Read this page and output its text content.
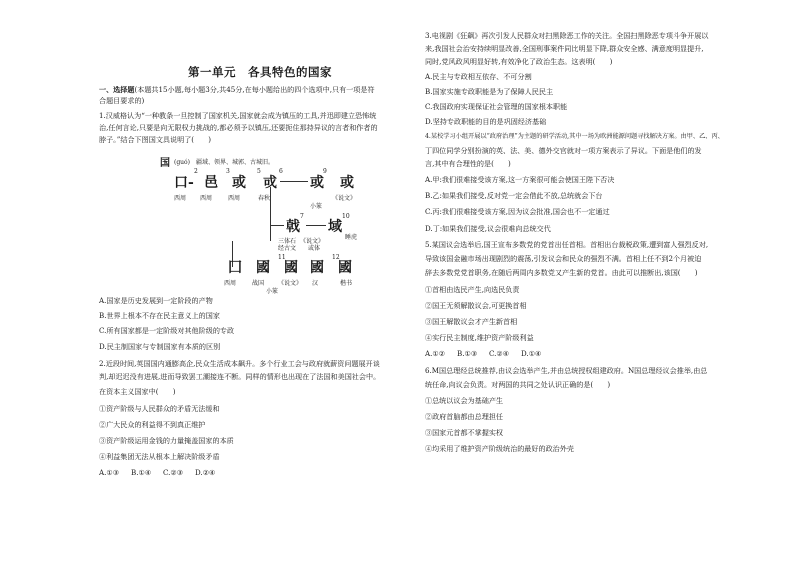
第一单元　各具特色的国家
一、选择题(本题共15小题,每小题3分,共45分,在每小题给出的四个选项中,只有一项是符
合题目要求的)
1.汉威格认为“一种教条一旦控制了国家机关,国家就会成为镇压的工具,并迅即建立恐怖统
治,任何言论,只要是向无限权力挑战的,都必须予以镇压,还要扼住那持异议的言者和作者的
脖子。”结合下图国文具说明了(　　)
A.国家是历史发展到一定阶段的产物
B.世界上根本不存在民主意义上的国家
C.所有国家都是一定阶级对其他阶级的专政
D.民主制国家与专制国家有本质的区别
2.近段时间,英国国内通膨高企,民众生活成本飙升。多个行业工会与政府就薪资问题展开谈
判,却迟迟没有进展,进而导致罢工潮接连不断。同样的情形也出现在了法国和美国社会中。
在资本主义国家中(　　)
①资产阶级与人民群众的矛盾无法缓和
②广大民众的利益得不到真正维护
③资产阶级运用金钱的力量掩盖国家的本质
④利益集团无法从根本上解决阶级矛盾
A.①③ B.①④ C.②③ D.②④
国 (guó)　疆域、领界、城郭、古城旧。
口- 邑 或 戓 或 或
2	3	5	6	9
西周 西周	西周	春秋	《说文》
小篆
戟 域
7	10
三体石 《说文》
睡虎
经古文 或体
囗 國 國 國 國
11	12
西周	战国 《说文》 汉	楷书
小篆
3.电视剧《狂飙》再次引发人民群众对扫黑除恶工作的关注。全国扫黑除恶专项斗争开展以
来,我国社会治安持续明显改善,全国刑事案件同比明显下降,群众安全感、满意度明显提升,
同时,党风政风明显好转,有效净化了政治生态。这表明(　　)
A.民主与专政相互依存、不可分割
B.国家实施专政职能是为了保障人民民主
C.我国政府实现保证社会管理的国家根本职能
D.坚持专政职能的目的是巩固经济基础
4.某校学习小组开展以“政府治理”为主题的研学活动,其中一场为欧洲能源问题寻找解决方案。由甲、乙、丙、
丁四位同学分别扮演的英、法、美、德外交官就对一项方案表示了异议。下面是他们的发
言,其中有合理性的是(　　)
A.甲:我们很难接受该方案,这一方案很可能会使国王陛下否决
B.乙:如果我们接受,反对党一定会借此不放,总统就会下台
C.丙:我们很难接受该方案,因为议会批准,国会也不一定通过
D.丁:如果我们接受,议会很难向总统交代
5.某国议会选举后,国王宣布多数党的党首出任首相。首相出台裁税政策,遭到富人强烈反对,
导致该国金融市场出现剧烈的震荡,引发议会和民众的强烈不满。首相上任不到2个月被迫
辞去多数党党首职务,在随后两周内多数党又产生新的党首。由此可以推断出,该国(　　)
①首相由选民产生,向选民负责
②国王无须解散议会,可更换首相
③国王解散议会才产生新首相
④实行民主制度,维护资产阶级利益
A.①② B.①③ C.②④ D.①④
6.M国总理经总统推荐,由议会选举产生,并由总统授权组建政府。N国总理经议会推举,由总
统任命,向议会负责。对两国的共同之处认识正确的是(　　)
①总统以议会为基础产生
②政府首脑都由总理担任
③国家元首都不掌握实权
④均采用了维护资产阶级统治的最好的政治外壳
